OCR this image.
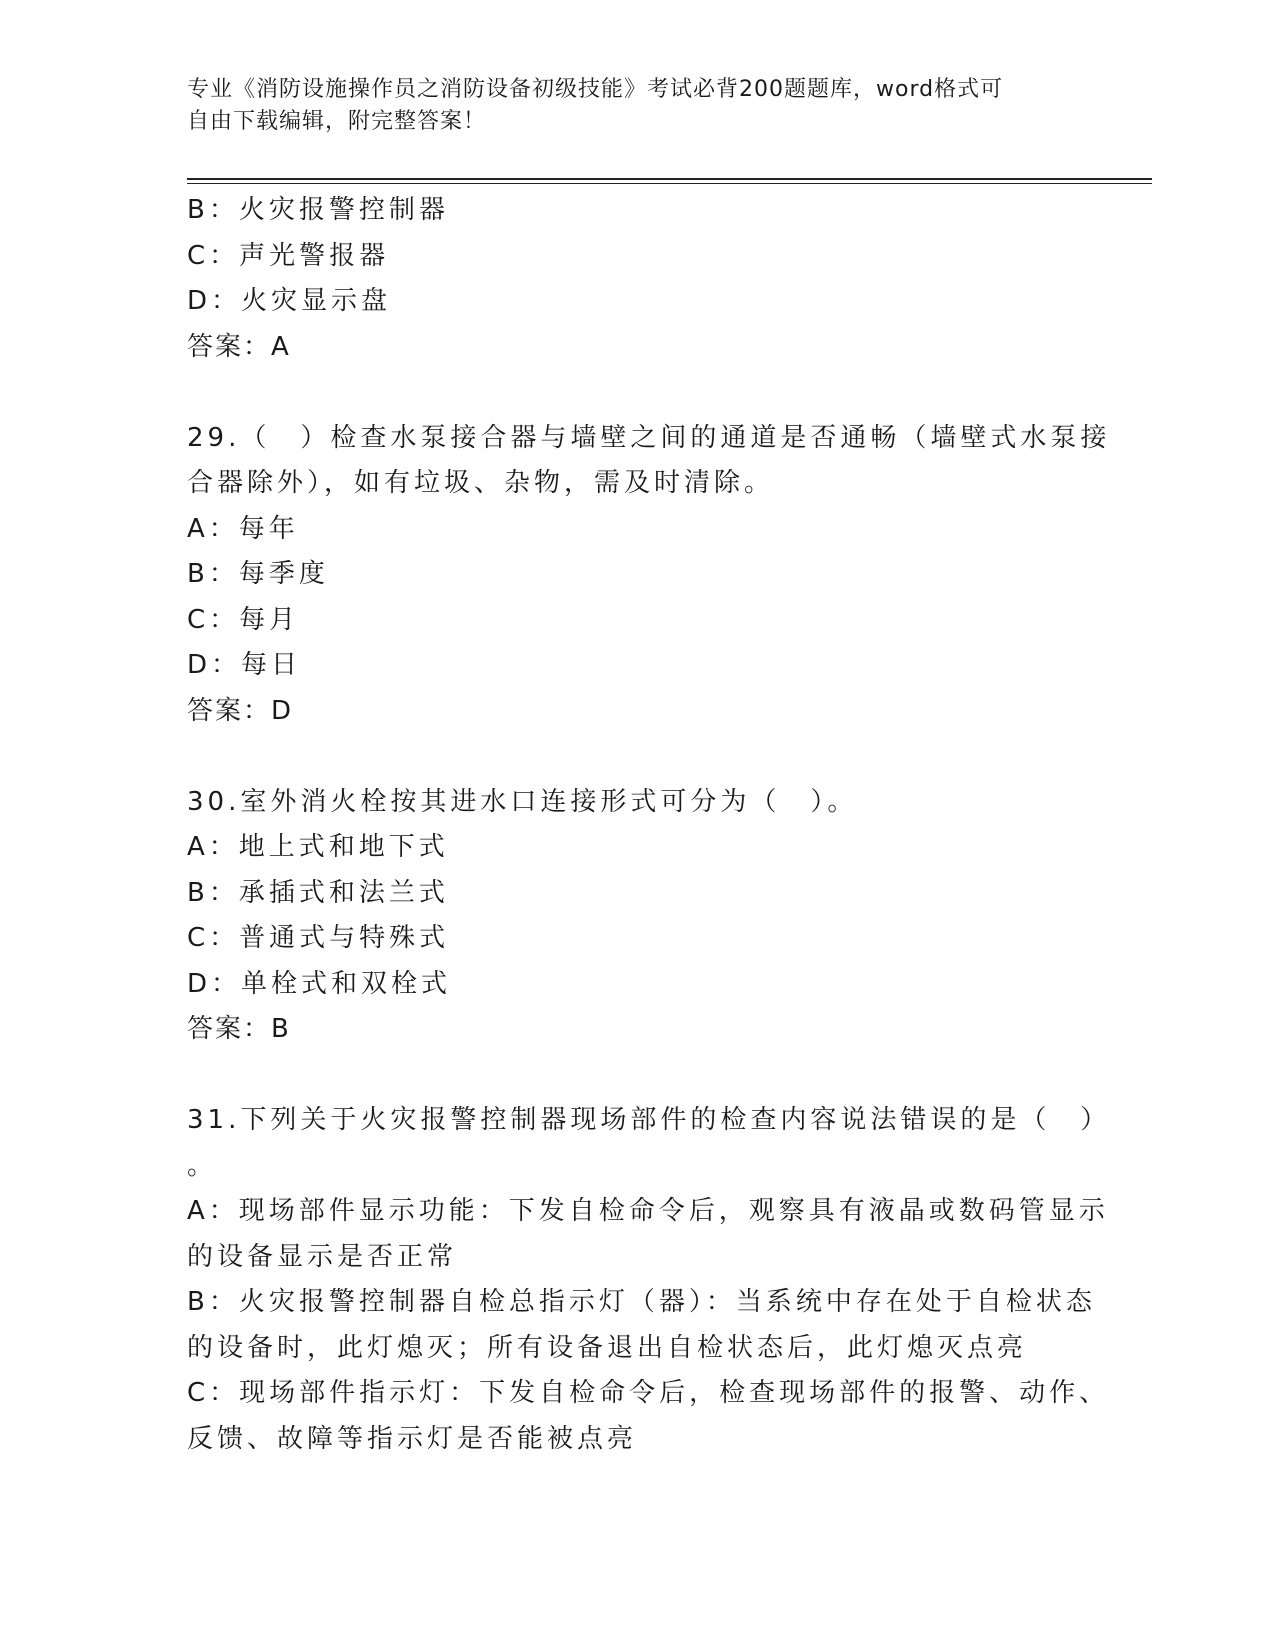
专业《消防设施操作员之消防设备初级技能》考试必背200题题库，word格式可
自由下载编辑，附完整答案！
B：火灾报警控制器
C：声光警报器
D：火灾显示盘
答案：A
29.（　）检查水泵接合器与墙壁之间的通道是否通畅（墙壁式水泵接
合器除外），如有垃圾、杂物，需及时清除。
A：每年
B：每季度
C：每月
D：每日
答案：D
30.室外消火栓按其进水口连接形式可分为（　）。
A：地上式和地下式
B：承插式和法兰式
C：普通式与特殊式
D：单栓式和双栓式
答案：B
31.下列关于火灾报警控制器现场部件的检查内容说法错误的是（　）
。
A：现场部件显示功能：下发自检命令后，观察具有液晶或数码管显示
的设备显示是否正常
B：火灾报警控制器自检总指示灯（器）：当系统中存在处于自检状态
的设备时，此灯熄灭；所有设备退出自检状态后，此灯熄灭点亮
C：现场部件指示灯：下发自检命令后，检查现场部件的报警、动作、
反馈、故障等指示灯是否能被点亮
